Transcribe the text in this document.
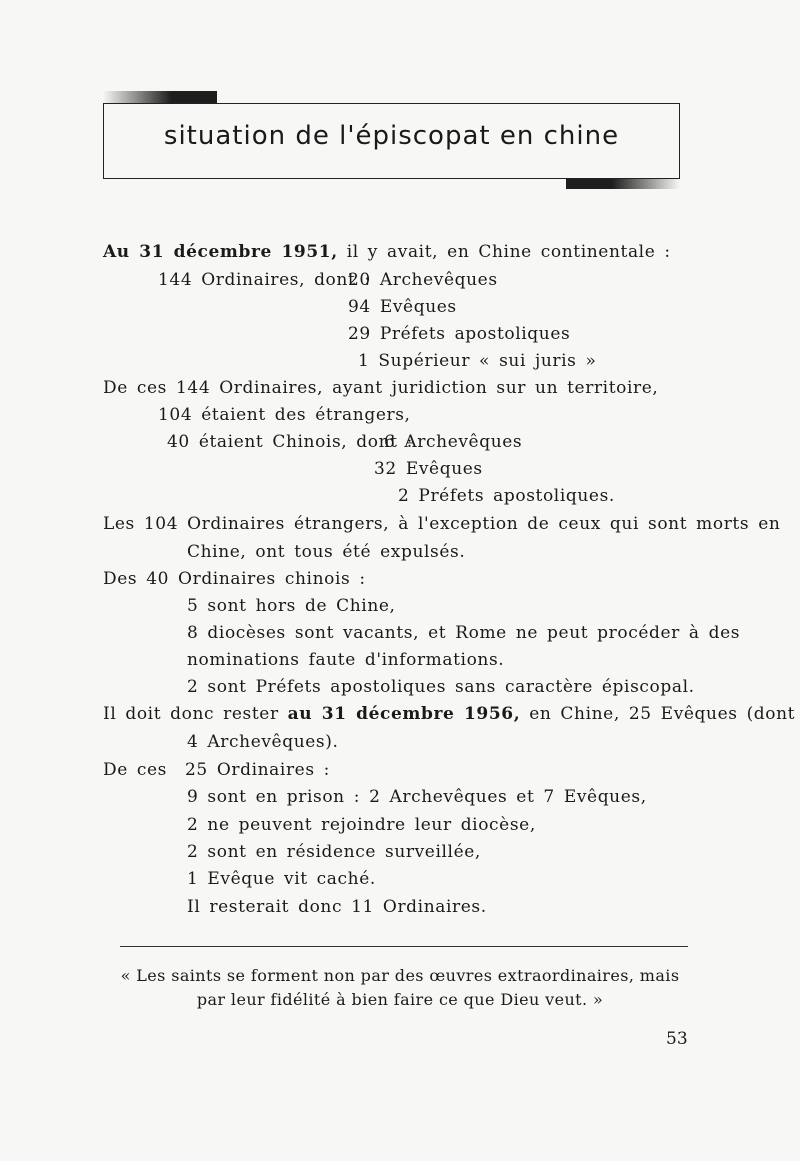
situation de l'épiscopat en chine
Au 31 décembre 1951, il y avait, en Chine continentale :
144 Ordinaires, dont :
20 Archevêques
94 Evêques
29 Préfets apostoliques
1 Supérieur « sui juris »
De ces 144 Ordinaires, ayant juridiction sur un territoire,
104 étaient des étrangers,
40 étaient Chinois, dont :
6 Archevêques
32 Evêques
2 Préfets apostoliques.
Les 104 Ordinaires étrangers, à l'exception de ceux qui sont morts en
Chine, ont tous été expulsés.
Des 40 Ordinaires chinois :
5 sont hors de Chine,
8 diocèses sont vacants, et Rome ne peut procéder à des
nominations faute d'informations.
2 sont Préfets apostoliques sans caractère épiscopal.
Il doit donc rester au 31 décembre 1956, en Chine, 25 Evêques (dont
4 Archevêques).
De ces  25 Ordinaires :
9 sont en prison : 2 Archevêques et 7 Evêques,
2 ne peuvent rejoindre leur diocèse,
2 sont en résidence surveillée,
1 Evêque vit caché.
Il resterait donc 11 Ordinaires.
« Les saints se forment non par des œuvres extraordinaires, mais
par leur fidélité à bien faire ce que Dieu veut. »
53
